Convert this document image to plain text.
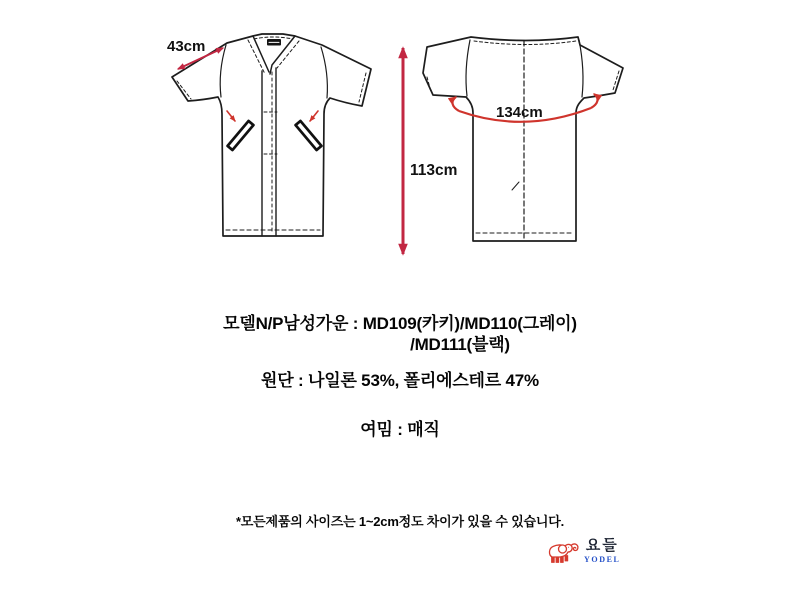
43cm
113cm
134cm
모델N/P남성가운 : MD109(카키)/MD110(그레이)
/MD111(블랙)
원단 : 나일론 53%, 폴리에스테르 47%
여밈 : 매직
*모든제품의 사이즈는 1~2cm정도 차이가 있을 수 있습니다.
요들
YODEL
